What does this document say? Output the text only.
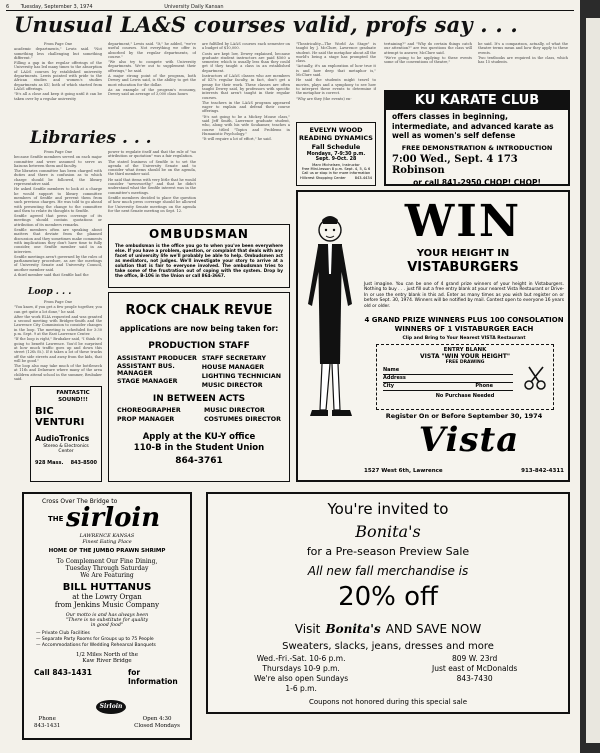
6 Tuesday, September 3, 1974	University Daily Kansan
Unusual LA&S courses valid, profs say . . .

From Page One

academic departments," Lewis said. "Not something less challenging but something different."

Filling a gap in the regular offerings of the University has led many times to the absorption of LA&S courses by established university departments. Lewis pointed with pride to the African studies and women's studies departments as KU, both of which started from LA&S offerings.

"It's all a close and keep it going until it can be taken over by a regular university

department," Lewis said. "It," he added, "we're useful courses. Not everything we offer is absorbed by the regular departments, of course."

"We also try to compete with University departments. We're out to supplement their offerings," he said.

A major strong point of the program, both Dewey and Lewis said, is the ability to get the most education for the dollar.

As an example of the program's economy, Dewey said an average of 3,000 class hours

are fulfilled by LA&S courses each semester on a budget of $10,000.

Costs are kept low, Dewey explained, because graduate student instructors are paid $560 a semester, which is usually less than they could get if they taught a class in an established department.

Instructors of LA&S classes who are members of KU's regular faculty, in fact, don't get a penny for their work. These classes are often taught Dewey said, by professors with specific interests that aren't taught in their regular courses.

The teachers in the LA&S program appeared eager to explain and defend their course offerings.

"It's not going to be a Mickey Mouse class," said Jeff Smith, Lawrence graduate student, who, along with his wife Souhamer, teaches a course titled "Topics and Problems in Humanistic Psychology."

"It will require a lot of effort," he said.

"Theatricality—The World As Stage" is taught by J. McClure, Lawrence graduate student. He said the metaphor about all the world's being a stage has prompted the class.

"Actually, it's an exploration of how true it is and how deep that metaphor is," McClure said.

He said the students might travel to movies, plays and a symphony to see how to interpret these events to determine if the metaphor is correct.

"Why are they (the events) en-

tertaining?" and "Why do certain things catch our attention?" are two questions the class will attempt to answer, McClure said.

"We're going to be applying to these events some of the conventions of theatre,"

he said. It's a comparison, actually, of what the theatre terms mean and how they apply to these events.

Two textbooks are required in the class, which has 15 students.

Libraries . . .

From Page One

because Senfile members served on each major committee and were assumed to serve as liaisons between them and faculty.

The libraries committee has been charged with duties and there is confusion as to which charge should be followed, the library representative said.

He asked Senfile members to look at a charge he would support to library committee members of Senfile and prevent them from such previous charges. He was told to go ahead with presenting the change to the committee and then to relate its thoughts to Senfile.

Senfile agreed that press coverage of its meetings should contain quotations or attribution of its members remarks.

Senfile members often are speaking about matters that deviate from the planned discussion and they sometimes make comments with implications they don't have time to fully consider, one Senfile member said in an interview.

Senfile meetings aren't governed by the rules of parliamentary procedure, as are the meetings of University Senate and University Council, another member said.

A third member said that Senfile had the

power to regulate itself and that the rule of "no attribution or quotation" was a fair regulation.

The stated business of Senfile is to set the agenda of the University Senate and to consider what items should be on the agenda, the third member said.

He said that items with very little that he would consider "newsworthy," and that he didn't understand what the Senfile interest was in the committee's meetings.

Senfile members decided to place the question of how much press coverage should be allowed for University Senate meetings on the agenda for the next Senate meeting on Sept. 12.

Loop . . .

From Page One

"You know, if you get a few people together, you can get quite a lot done," he said.

After the work ELIA requested and was granted a second meeting with Bridges-Smith and the Lawrence City Commission to consider changes in the loop. The meeting is scheduled for 3:30 p.m. Sept. 9 at the East Lawrence Center.

"If the loop is right," Brubaker said, "I think it's going to benefit Lawrence. You'd be surprised at how much traffic goes up and down this street (12th St.). If it takes a lot of these trucks off the side streets and away from the kids, that will be good."

The loop also may take much of the bottleneck at 11th and Delaware where many of the area children attend school in the summer, Brubaker said.

OMBUDSMAN
The ombudsman is the office you go to when you've been everywhere else. If you have a problem, question, or complaint that deals with any facet of university life we'll probably be able to help. Ombudsmen act as mediators, not judges. We'll investigate your story to arrive at a solution that is fair to everyone involved. The ombudsman tries to take some of the frustration out of coping with the system. Drop by the office, B-106 in the Union or call 864-3667.
ROCK CHALK REVUE
applications are now being taken for:
PRODUCTION STAFF
ASSISTANT PRODUCER
ASSISTANT BUS. MANAGER
STAGE MANAGER
STAFF SECRETARY
HOUSE MANAGER
LIGHTING TECHNICIAN
MUSIC DIRECTOR
IN BETWEEN ACTS
CHOREOGRAPHER
PROP MANAGER
MUSIC DIRECTOR
COSTUMES DIRECTOR
Apply at the KU-Y office
110-B in the Student Union
864-3761
FANTASTIC SOUND!!!
BIC
VENTURI
AudioTronics
Stereo & Electronics Center
928 Mass. 843-8500
EVELYN WOOD
READING DYNAMICS
Fall Schedule
Mondays, 7-9:30 p.m.
Sept. 9-Oct. 28
Marv Michelsen, Instructor
Free Mini-lesson 8 p.m. Sept. 4, 5, & 6
Call us or stop in for more information
Hillcrest Shopping Center 843-4434
KU KARATE CLUB
offers classes in beginning, intermediate, and advanced karate as well as women's self defense
FREE DEMONSTRATION & INTRODUCTION
7:00 Wed., Sept. 4 173 Robinson
or call 841-2950 CHOP! CHOP!
WIN
YOUR HEIGHT IN
VISTABURGERS
Just imagine. You can be one of 4 grand prize winners of your height in Vistaburgers. Nothing to buy . . . just fill out a free entry blank at your nearest Vista Restaurant or Drive-In or use the entry blank in this ad. Enter as many times as you wish but register on or before Sept. 30, 1974. Winners will be notified by mail. Contest open to everyone 16 years old or older.
4 GRAND PRIZE WINNERS PLUS 100 CONSOLATION WINNERS OF 1 VISTABURGER EACH
Clip and Bring to Your Nearest VISTA Restaurant
ENTRY BLANK
VISTA "WIN YOUR HEIGHT"
FREE DRAWING
Name
Address
City	Phone
No Purchase Needed
Register On or Before September 30, 1974
Vista
1527 West 6th, Lawrence	913-842-4311
Cross Over The Bridge to
THE sirloin
LAWRENCE KANSAS
Finest Eating Place
HOME OF THE JUMBO PRAWN SHRIMP
To Complement Our Fine Dining,
Tuesday Through Saturday
We Are Featuring
BILL HUTTANUS
at the Lowry Organ
from Jenkins Music Company
Our motto is and has always been
"There is no substitute for quality
in good food"
— Private Club Facilities
— Separate Party Rooms for Groups up to 75 People
— Accommodations for Wedding Rehearsal Banquets
1/2 Miles North of the
Kaw River Bridge
Call 843-1431	for Information
Sirloin
Phone
843-1431
Open 4:30
Closed Mondays
You're invited to
Bonita's
for a Pre-season Preview Sale
All new fall merchandise is
20% off
Visit Bonita's AND SAVE NOW
Sweaters, slacks, jeans, dresses and more
Wed.-Fri.-Sat. 10-6 p.m.
Thursdays 10-9 p.m.
We're also open Sundays
1-6 p.m.
809 W. 23rd
Just east of McDonalds
843-7430
Coupons not honored during this special sale
